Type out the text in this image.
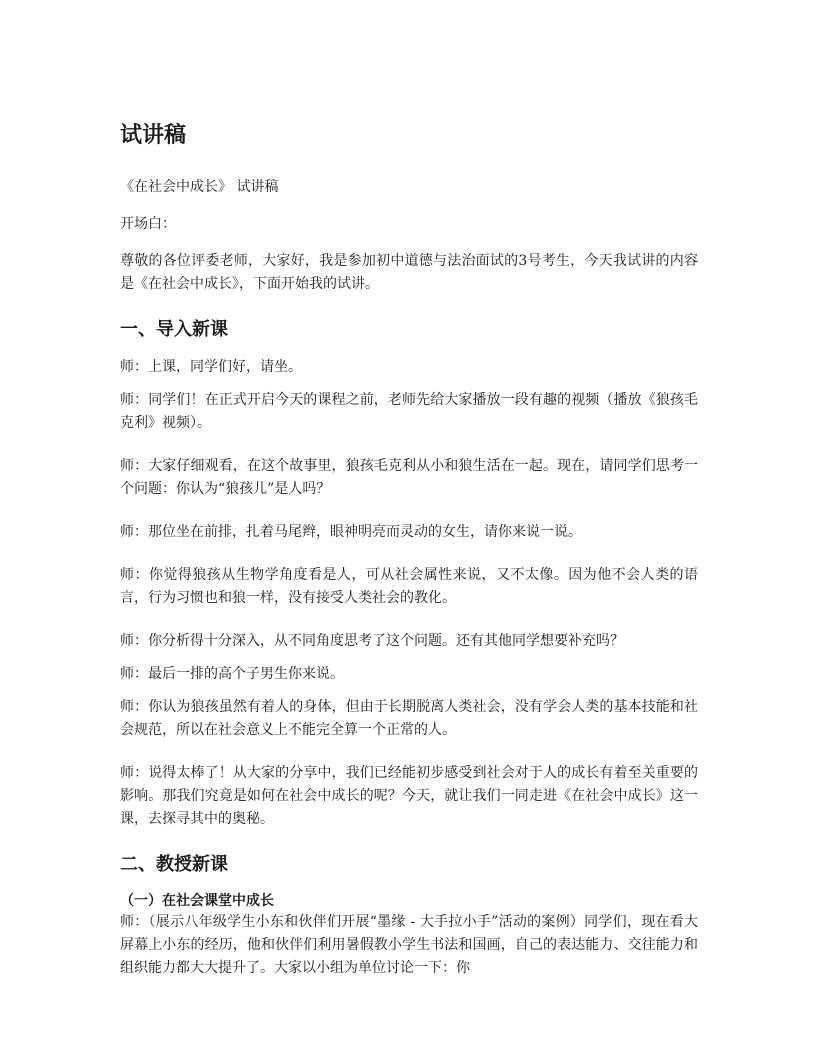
试讲稿

《在社会中成长》 试讲稿

开场白：

尊敬的各位评委老师，大家好，我是参加初中道德与法治面试的3号考生，今天我试讲的内容是《在社会中成长》，下面开始我的试讲。

一、导入新课

师：上课，同学们好，请坐。

师：同学们！在正式开启今天的课程之前，老师先给大家播放一段有趣的视频（播放《狼孩毛克利》视频）。

师：大家仔细观看，在这个故事里，狼孩毛克利从小和狼生活在一起。现在，请同学们思考一个问题：你认为“狼孩儿”是人吗？

师：那位坐在前排，扎着马尾辫，眼神明亮而灵动的女生，请你来说一说。

师：你觉得狼孩从生物学角度看是人，可从社会属性来说，又不太像。因为他不会人类的语言，行为习惯也和狼一样，没有接受人类社会的教化。

师：你分析得十分深入，从不同角度思考了这个问题。还有其他同学想要补充吗？

师：最后一排的高个子男生你来说。

师：你认为狼孩虽然有着人的身体，但由于长期脱离人类社会，没有学会人类的基本技能和社会规范，所以在社会意义上不能完全算一个正常的人。

师：说得太棒了！从大家的分享中，我们已经能初步感受到社会对于人的成长有着至关重要的影响。那我们究竟是如何在社会中成长的呢？今天，就让我们一同走进《在社会中成长》这一课，去探寻其中的奥秘。

二、教授新课
（一）在社会课堂中成长

师：（展示八年级学生小东和伙伴们开展“墨缘 - 大手拉小手”活动的案例）同学们，现在看大屏幕上小东的经历，他和伙伴们利用暑假教小学生书法和国画，自己的表达能力、交往能力和组织能力都大大提升了。大家以小组为单位讨论一下：你
